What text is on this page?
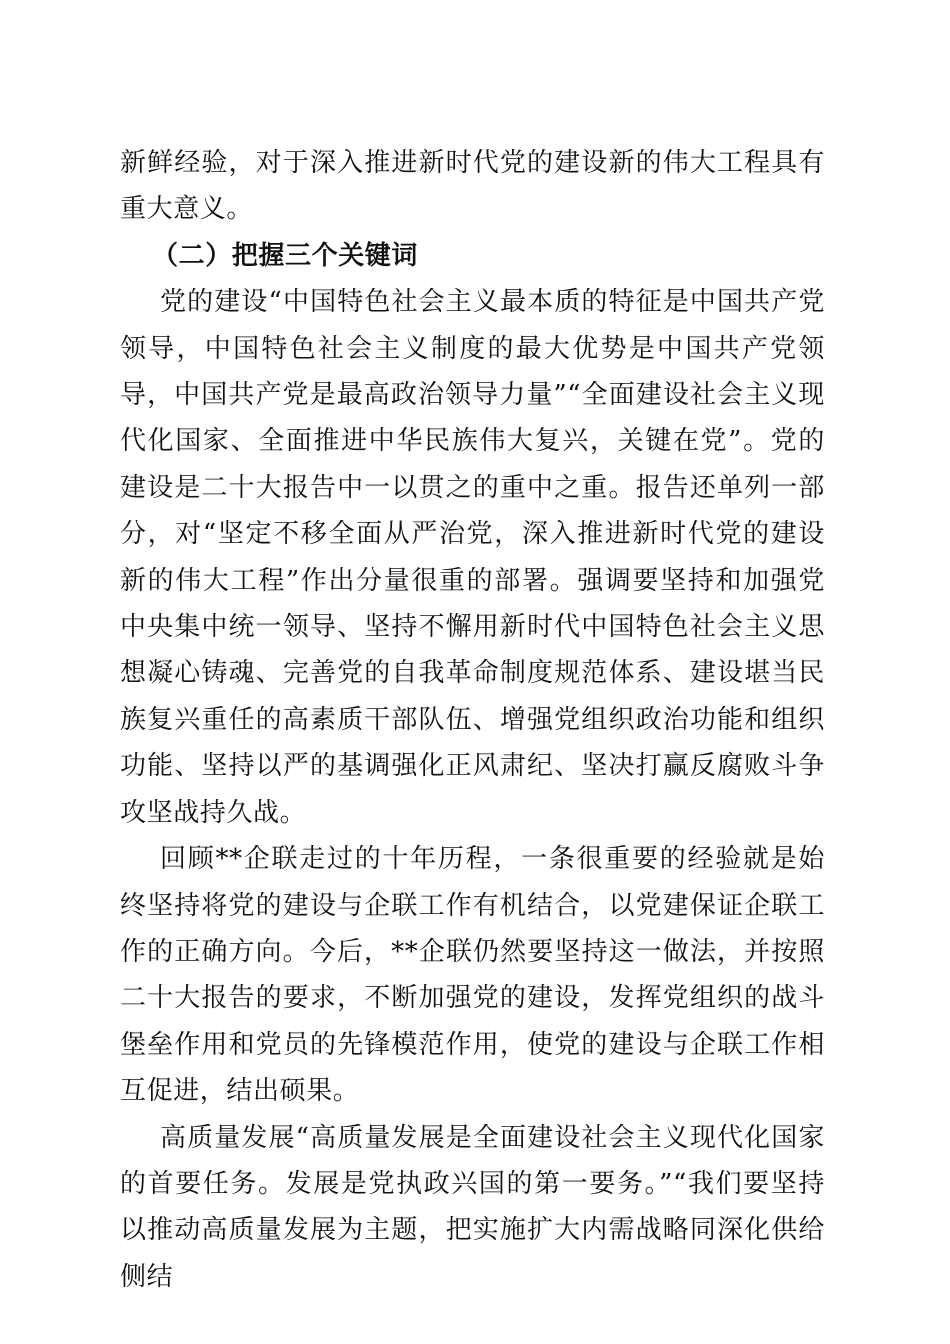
新鲜经验，对于深入推进新时代党的建设新的伟大工程具有重大意义。

（二）把握三个关键词

党的建设“中国特色社会主义最本质的特征是中国共产党领导，中国特色社会主义制度的最大优势是中国共产党领导，中国共产党是最高政治领导力量”“全面建设社会主义现代化国家、全面推进中华民族伟大复兴，关键在党”。党的建设是二十大报告中一以贯之的重中之重。报告还单列一部分，对“坚定不移全面从严治党，深入推进新时代党的建设新的伟大工程”作出分量很重的部署。强调要坚持和加强党中央集中统一领导、坚持不懈用新时代中国特色社会主义思想凝心铸魂、完善党的自我革命制度规范体系、建设堪当民族复兴重任的高素质干部队伍、增强党组织政治功能和组织功能、坚持以严的基调强化正风肃纪、坚决打赢反腐败斗争攻坚战持久战。

回顾**企联走过的十年历程，一条很重要的经验就是始终坚持将党的建设与企联工作有机结合，以党建保证企联工作的正确方向。今后，**企联仍然要坚持这一做法，并按照二十大报告的要求，不断加强党的建设，发挥党组织的战斗堡垒作用和党员的先锋模范作用，使党的建设与企联工作相互促进，结出硕果。

高质量发展“高质量发展是全面建设社会主义现代化国家的首要任务。发展是党执政兴国的第一要务。”“我们要坚持以推动高质量发展为主题，把实施扩大内需战略同深化供给侧结
